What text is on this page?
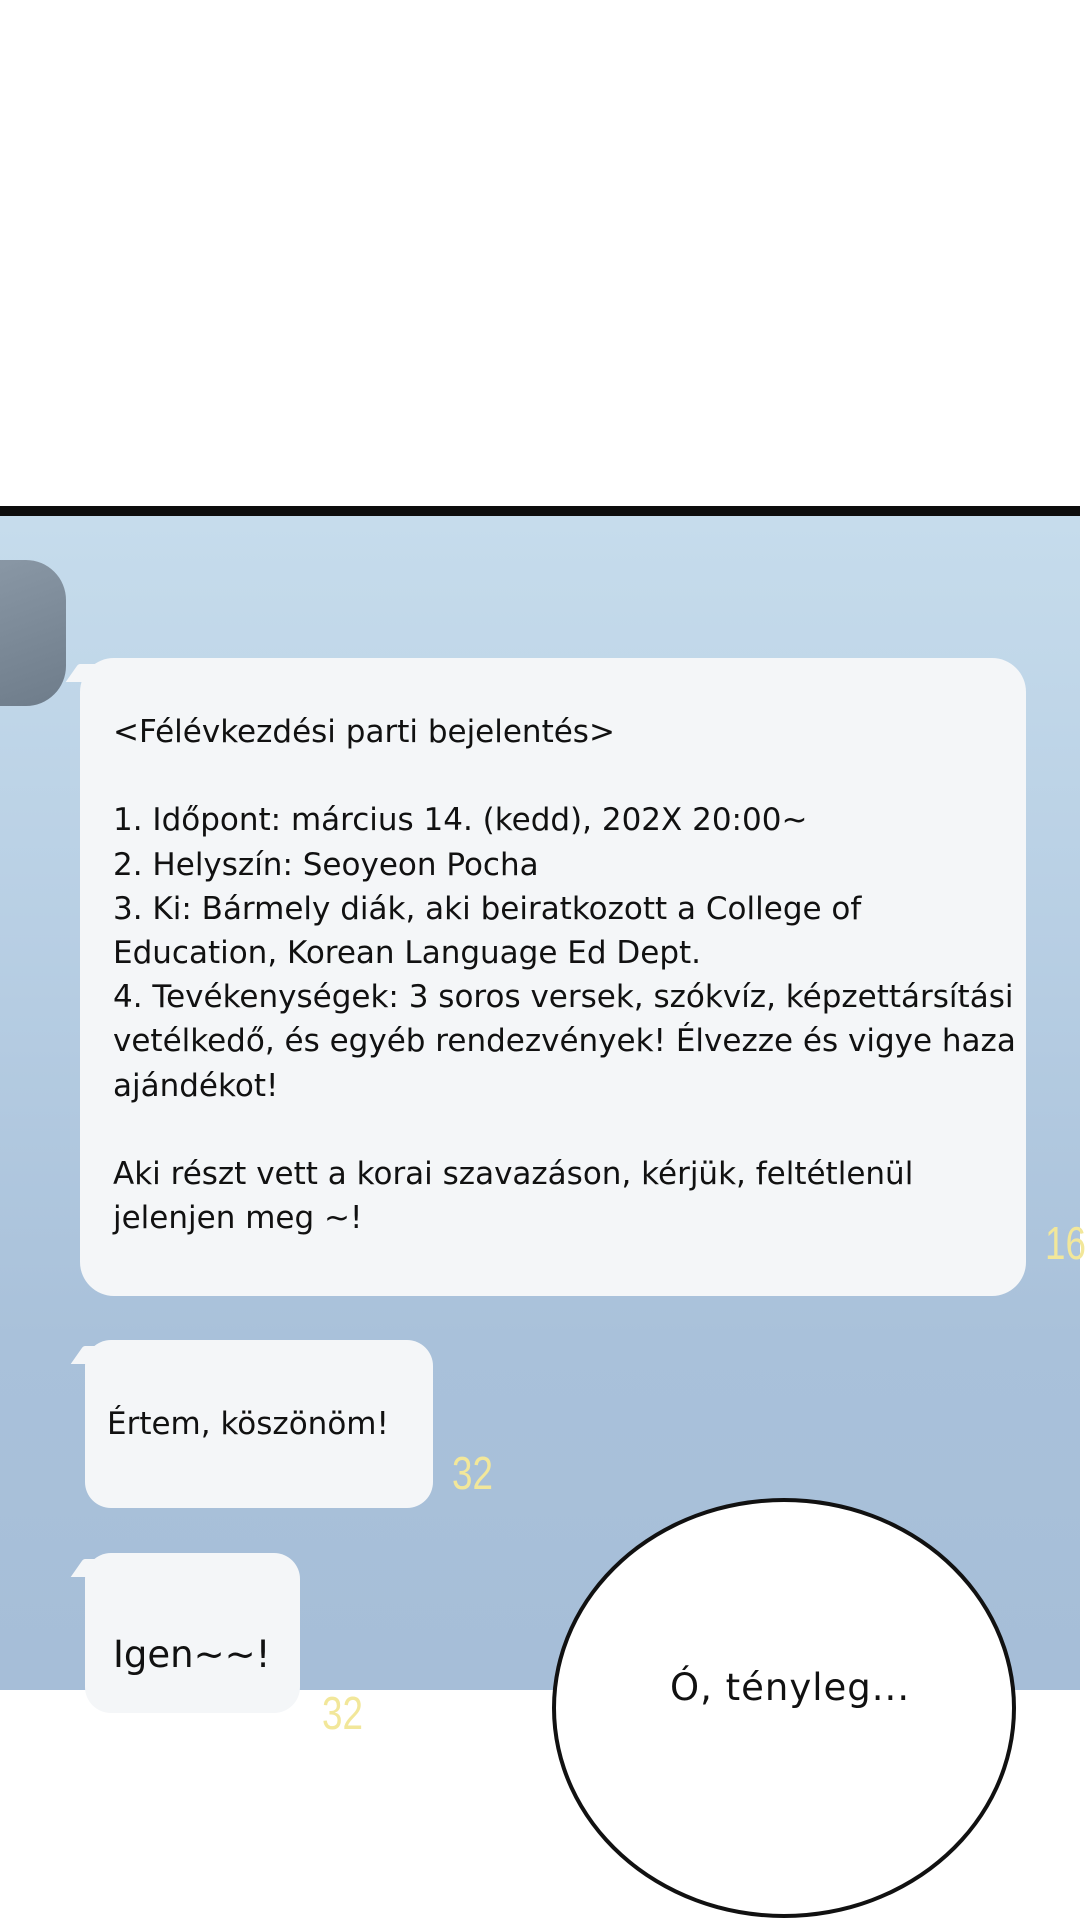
<Félévkezdési parti bejelentés>
1. Időpont: március 14. (kedd), 202X 20:00~
2. Helyszín: Seoyeon Pocha
3. Ki: Bármely diák, aki beiratkozott a College of
Education, Korean Language Ed Dept.
4. Tevékenységek: 3 soros versek, szókvíz, képzettársítási
vetélkedő, és egyéb rendezvények! Élvezze és vigye haza
ajándékot!
Aki részt vett a korai szavazáson, kérjük, feltétlenül
jelenjen meg ~!	16
Értem, köszönöm!
32
Igen~~!
32	Ó, tényleg...
